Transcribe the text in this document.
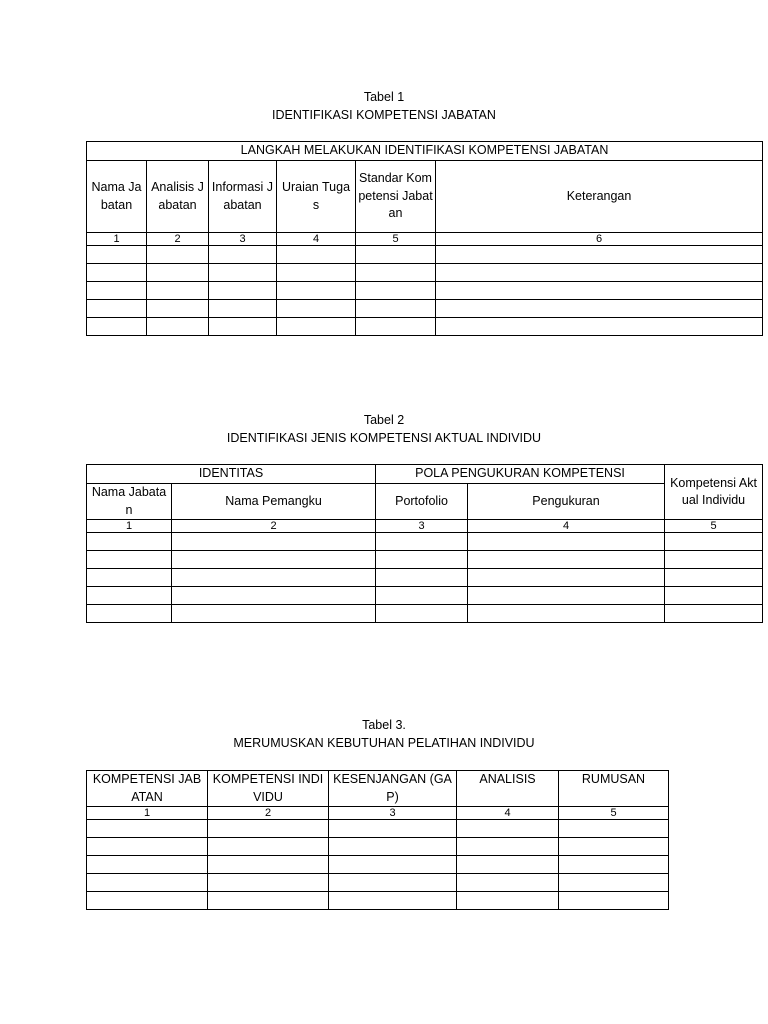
Tabel 1
IDENTIFIKASI KOMPETENSI JABATAN
LANGKAH MELAKUKAN IDENTIFIKASI KOMPETENSI JABATAN					
Nama Jabatan	Analisis Jabatan	Informasi Jabatan	Uraian Tugas	Standar Kompetensi Jabatan	Keterangan
1	2	3	4	5	6

Tabel 2
IDENTIFIKASI JENIS KOMPETENSI AKTUAL INDIVIDU
IDENTITAS		POLA PENGUKURAN KOMPETENSI		Kompetensi Aktual Individu
Nama Jabatan	Nama Pemangku	Portofolio	Pengukuran	
1	2	3	4	5

Tabel 3.
MERUMUSKAN KEBUTUHAN PELATIHAN INDIVIDU
KOMPETENSI JABATAN	KOMPETENSI INDIVIDU	KESENJANGAN (GAP)	ANALISIS	RUMUSAN
1	2	3	4	5
